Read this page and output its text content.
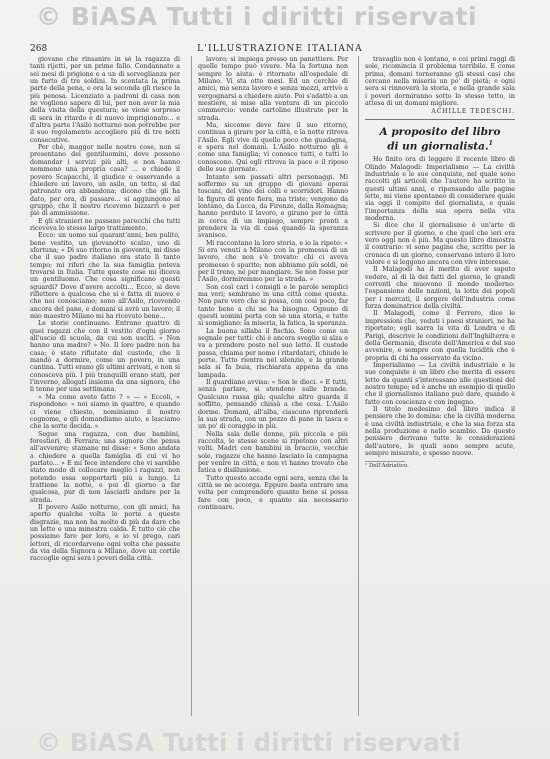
© BiASA Tutti i diritti riservati
268	L'ILLUSTRAZIONE ITALIANA

giovane che rinsanire in sè la ragazza di tanti rijetti, per un prime fallo. Condannato a sei mesi di prigione e a un di sorveglianza per un furto di tre soldini. In scontata la prima parte della pena, e ora la seconda gli riesce la più penosa. Licenziato a padroni di casa non ne vogliono sapere di lui, per non aver la mia della visita della questura; se viene sorpreso di sera in ritardo è di nuovo imprigionato... e d'altra parte l'Asilo notturno non potrebbe per il suo regolamento accogliere più di tre notti consecutive.

Per chè, maggor nelle nostre cose, non si presentano dei gentiluomini, dove possono domandar i servizi più alti, e non hanno nemmeno una propria casa? ... e chiede il povero Scapacchi, il giudice e osservando a chiedere un lavoro, un asilo, un tetto, si dal patronato ora abbandona; dicono che gli ha dato, per ora, di passare... si aggiungono al gruppo, che il nostro ricevono bizzarri e per piè di ammissione.

E gli stranieri ne passano parecchi che tutti riceveva lo stesso largo trattamento.

Ecco: un uomo sui quarant'anni, ben pulito, bene vestito, un giovanotto scalzo, uno di sfortuna; « Di suo ritorno in gioventù, mi disse che il suo padre italiano era stato lì tanto tempo; mi riferì che la sua famiglia poteva trovarsi in Italia. Tutte queste cose mi diceva un gentiluomo. Che cosa significano questi sguardi? Dove d'avere accolti... Ecco, si deve riflettere a qualcosa che si è fatta di nuovo e che noi conosciamo; sono all'Asilo, ricevendo ancora del pane, e domani si avrà un lavoro; il mio maestro Milano mi ha ricevuto bene...

Le storie continuano. Entrano quattro di quei ragazzi che con il vestito d'ogni giorno all'uscio di scuola, da cui son usciti. « Non hanno una madre? » No. Il loro padre non ha casa; è stato rifiutato dal custode, che li mandò a dormire, come un povero, in una cantina. Tutti erano gli ultimi arrivati, e non si conosceva più. I più tranquilli erano stati, per l'inverno, allogati insieme da una signora, che li tenne per una settimana.

« Ma come avete fatto ? » — « Eccoli, » rispondono: « noi siamo in quattro, e quando ci viene chiesto, nominiamo il nostro cognome, e gli domandiamo aiuto, e lasciamo che la sorte decida. »

Segue una ragazza, con due bambini, forestieri, di Ferrara; una signora che pensa all'avvenire; stamane mi disse: « Sono andata a chiedere a quella famiglia di cui vi ho parlato... » E mi fece intendere che vi sarebbe stato modo di collocare meglio i ragazzi, non potendo essa sopportarli più a lungo. Li trattiene la notte, e poi di giorno a far qualcosa, pur di non lasciarli andare per la strada.

Il povero Asilo notturno, con gli amici, ha aperto qualche volta le porte a queste disgrazie, ma non ha molto di più da dare che un letto e una minestra calda. È tutto ciò che possiamo fare per loro, e io vi prego, cari lettori, di ricordarvene ogni volta che passate da via della Signora a Milano, dove un cortile raccoglie ogni sera i poveri della città.

lavoro; si impiega presso un panettiere. Per quelle tempo può vivere. Ma la fortuna non sempre lo aiuta: è ritornato all'ospedale di Milano. Vi sta otto mesi. Ed un cerchio di amici, ma senza lavoro e senza mezzi, arrivò a vergognarsi a chiedere aiuto. Poi s'adattò a un mestiere, si mise alla ventura di un piccolo commercio: vende cartoline illustrate per la strada.

Ma, siccome deve fare il suo ritorno, continua a girare per la città, e la notte ritrova l'Asilo. Egli vive di quello poco che guadagna, e spera nel domani. L'Asilo notturno gli è come una famiglia; vi conosce tutti, e tutti lo conoscono. Qui egli ritrova la pace e il riposo delle sue giornate.

Intanto son passati altri personaggi. Mi soffermo su un gruppo di giovani operai toscani, del vino dei colli e scorridori. Hanno la figura di gente fiera, ma triste; vengono da lontano, da Lucca, da Firenze, dalla Romagna; hanno perduto il lavoro, e girano per le città in cerca di un impiego, sempre pronti a prendere la via di casa quando la speranza svanisce.

Mi raccontano la loro storia, e io la ripeto: « Si era venuti a Milano con la promessa di un lavoro, che non s'è trovato: chi ci aveva promesso è sparito; non abbiamo più soldi, né per il treno, né per mangiare. Se non fosse per l'Asilo, dormiremmo per la strada. »

Son così cari i consigli e le parole semplici ma veri; sembrano in una città come questa. Non pare vero che si possa, con così poco, far tanto bene a chi ne ha bisogno. Ognuno di questi uomini porta con sè una storia, e tutte si somigliano: la miseria, la fatica, la speranza.

La buona sillaba il fischio. Sono come un segnale per tutti: chi è ancora sveglio si alza e va a prendere posto nel suo letto. Il custode passa, chiama per nome i ritardatari, chiude le porte. Tutto rientra nel silenzio, e la grande sala si fa buia, rischiarata appena da una lampada.

Il guardiano avvisa: « Son le dieci. » E tutti, senza parlare, si stendono sulle brande. Qualcuno russa già; qualche altro guarda il soffitto, pensando chissà a che cosa. L'Asilo dorme. Domani, all'alba, ciascuno riprenderà la sua strada, con un pezzo di pane in tasca e un po' di coraggio in più.

Nella sala delle donne, più piccola e più raccolta, le stesse scene si ripetono con altri volti. Madri con bambini in braccio, vecchie sole, ragazze che hanno lasciato la campagna per venire in città, e non vi hanno trovato che fatica e disillusione.

Tutto questo accade ogni sera, senza che la città se ne accorga. Eppure basta entrare una volta per comprendere quanto bene si possa fare con poco, e quanto sia necessario continuare.

travaglio non è lontano, e coi primi raggi di sole, ricomincia il problema terribile. E come prima, domani torneranno gli stessi casi che cercano nella miseria un po' di pietà; e ogni sera si rinnoverà la storia, e nella grande sala i poveri dormiranno sotto lo stesso tetto, in attesa di un domani migliore.

ACHILLE TEDESCHI.
A proposito del libro
di un giornalista.$^1$

Ho finito ora di leggere il recente libro di Olindo Malagodi: Imperialismo — La civiltà industriale e le sue conquiste, nel quale sono raccolti gli articoli che l'autore ha scritto in questi ultimi anni, e ripensando alle pagine lette, mi viene spontaneo di considerare quale sia oggi il compito del giornalista, e quale l'importanza della sua opera nella vita moderna.

Si dice che il giornalismo è un'arte di scrivere per il giorno, e che quel che ieri era vero oggi non è più. Ma questo libro dimostra il contrario: vi sono pagine che, scritte per la cronaca di un giorno, conservano intero il loro valore e si leggono ancora con vivo interesse.

Il Malagodi ha il merito di aver saputo vedere, al di là dei fatti del giorno, le grandi correnti che muovono il mondo moderno: l'espansione delle nazioni, la lotta dei popoli per i mercati, il sorgere dell'industria come forza dominatrice della civiltà.

Il Malagodi, come il Ferrero, dice le impressioni che, veduti i paesi stranieri, ne ha riportato; egli narra la vita di Londra e di Parigi, descrive le condizioni dell'Inghilterra e della Germania, discute dell'America e del suo avvenire, e sempre con quella lucidità che è propria di chi ha osservato da vicino.

Imperialismo — La civiltà industriale e le sue conquiste è un libro che merita di essere letto da quanti s'interessano alle questioni del nostro tempo; ed è anche un esempio di quello che il giornalismo italiano può dare, quando è fatto con coscienza e con ingegno.

Il titolo medesimo del libro indica il pensiero che lo domina: che la civiltà moderna è una civiltà industriale, e che la sua forza sta nella produzione e nello scambio. Da questo pensiero derivano tutte le considerazioni dell'autore, le quali sono sempre acute, sempre misurate, e spesso nuove.

¹ Dell'Adriatico.
© BiASA Tutti i diritti riservati
